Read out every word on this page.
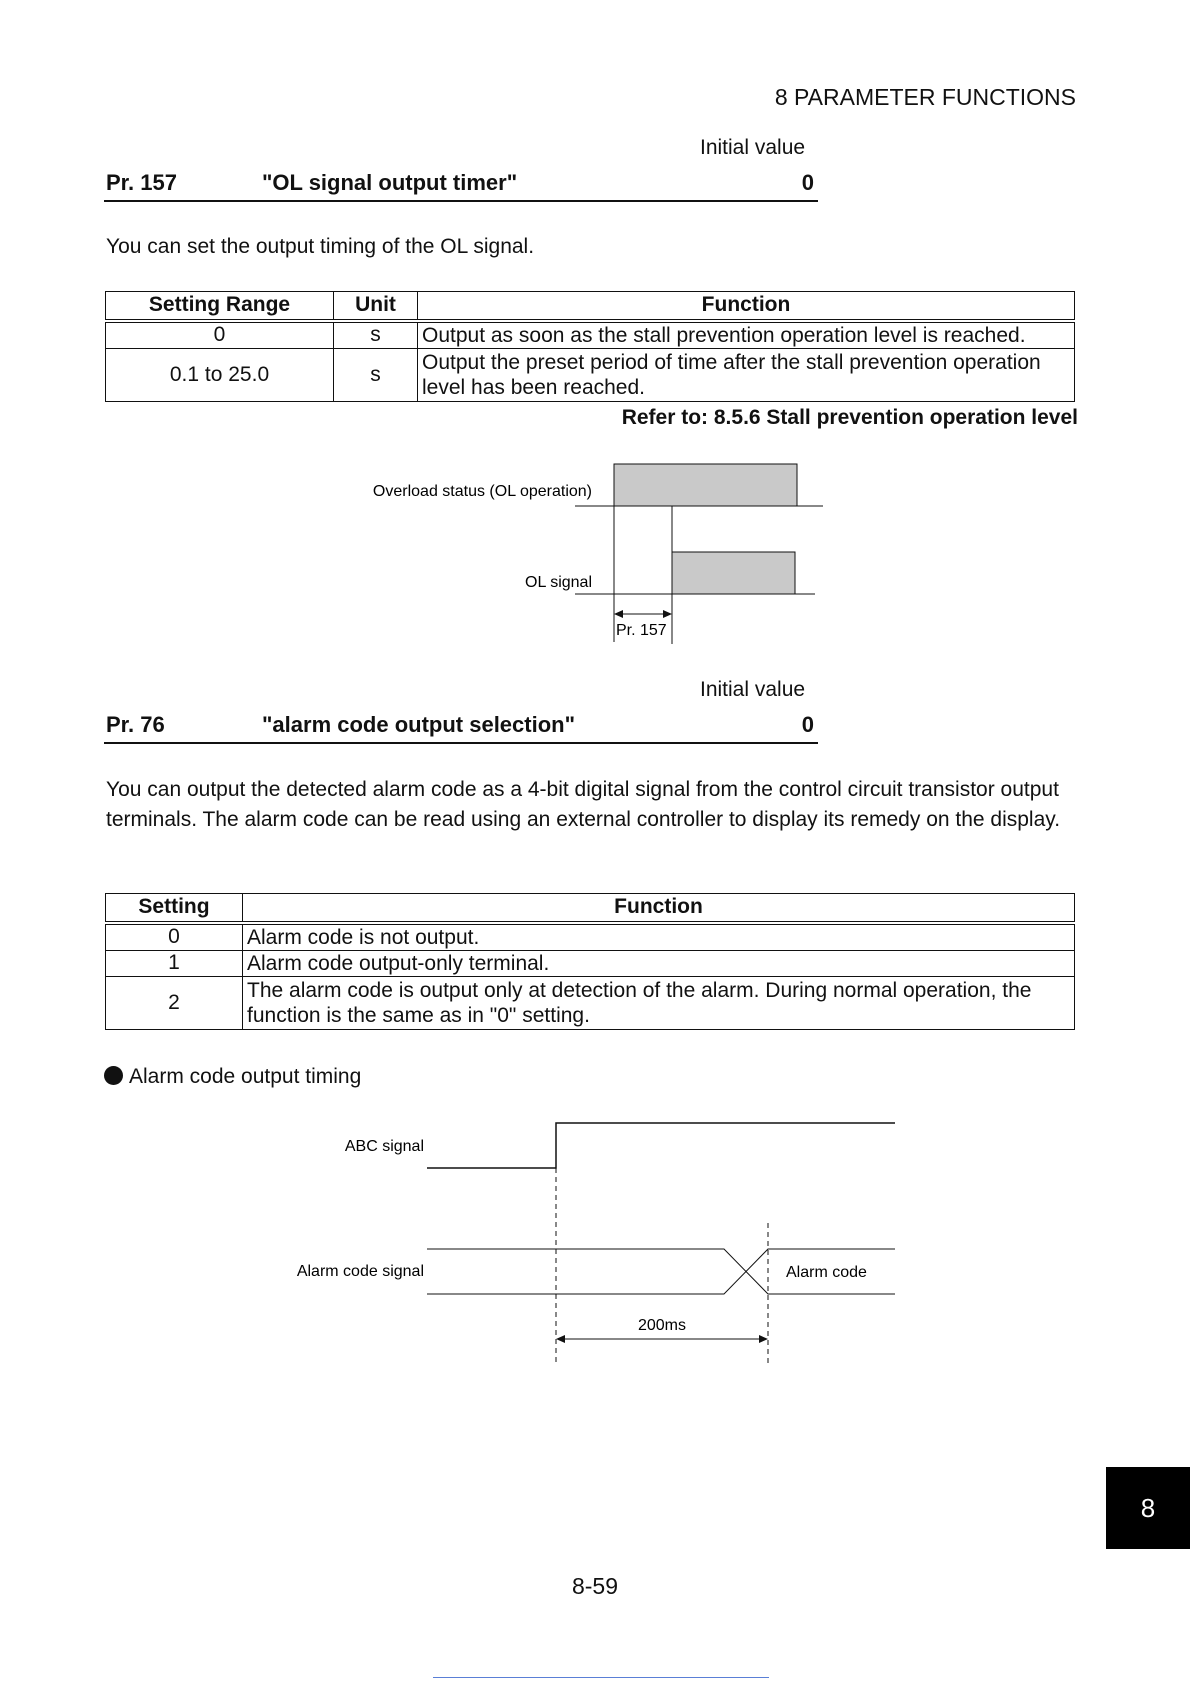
8 PARAMETER FUNCTIONS
Initial value
Pr. 157	"OL signal output timer"	0
You can set the output timing of the OL signal.
Setting Range	Unit	Function
0	s	Output as soon as the stall prevention operation level is reached.
0.1 to 25.0	s	Output the preset period of time after the stall prevention operation level has been reached.
Refer to: 8.5.6 Stall prevention operation level
Overload status (OL operation)
OL signal
Pr. 157
Initial value
Pr. 76	"alarm code output selection"	0
You can output the detected alarm code as a 4-bit digital signal from the control circuit transistor output terminals. The alarm code can be read using an external controller to display its remedy on the display.
Setting	Function
0	Alarm code is not output.
1	Alarm code output-only terminal.
2	The alarm code is output only at detection of the alarm. During normal operation, the function is the same as in "0" setting.
Alarm code output timing
ABC signal
Alarm code signal	Alarm code
200ms
8
8-59
